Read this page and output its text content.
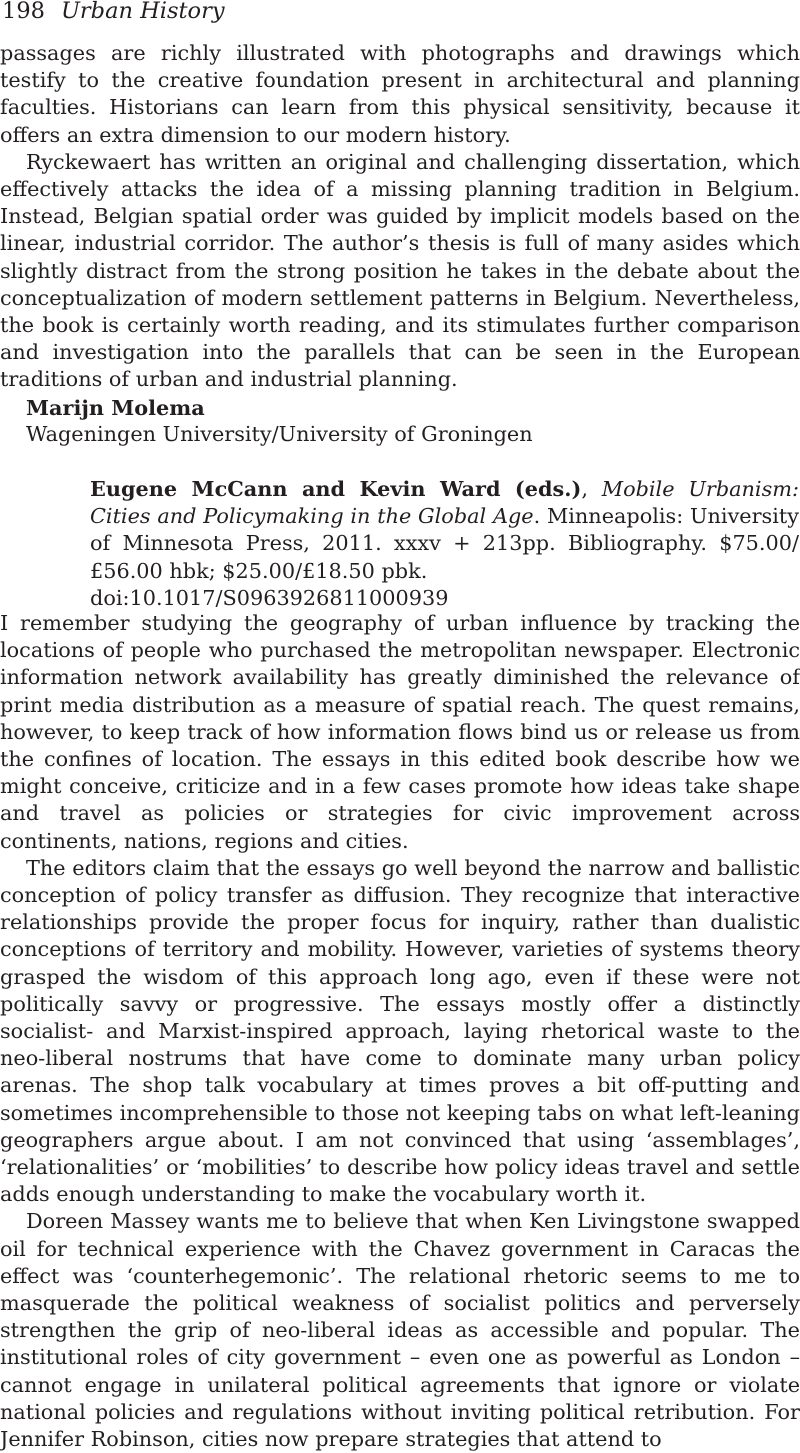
198 Urban History

passages are richly illustrated with photographs and drawings which testify to the creative foundation present in architectural and planning faculties. Historians can learn from this physical sensitivity, because it offers an extra dimension to our modern history.

Ryckewaert has written an original and challenging dissertation, which effectively attacks the idea of a missing planning tradition in Belgium. Instead, Belgian spatial order was guided by implicit models based on the linear, industrial corridor. The author’s thesis is full of many asides which slightly distract from the strong position he takes in the debate about the conceptualization of modern settlement patterns in Belgium. Nevertheless, the book is certainly worth reading, and its stimulates further comparison and investigation into the parallels that can be seen in the European traditions of urban and industrial planning.

Marijn Molema

Wageningen University/University of Groningen

Eugene McCann and Kevin Ward (eds.), Mobile Urbanism: Cities and Policymaking in the Global Age. Minneapolis: University of Minnesota Press, 2011. xxxv + 213pp. Bibliography. $75.00/£56.00 hbk; $25.00/£18.50 pbk.
doi:10.1017/S0963926811000939

I remember studying the geography of urban influence by tracking the locations of people who purchased the metropolitan newspaper. Electronic information network availability has greatly diminished the relevance of print media distribution as a measure of spatial reach. The quest remains, however, to keep track of how information flows bind us or release us from the confines of location. The essays in this edited book describe how we might conceive, criticize and in a few cases promote how ideas take shape and travel as policies or strategies for civic improvement across continents, nations, regions and cities.

The editors claim that the essays go well beyond the narrow and ballistic conception of policy transfer as diffusion. They recognize that interactive relationships provide the proper focus for inquiry, rather than dualistic conceptions of territory and mobility. However, varieties of systems theory grasped the wisdom of this approach long ago, even if these were not politically savvy or progressive. The essays mostly offer a distinctly socialist- and Marxist-inspired approach, laying rhetorical waste to the neo-liberal nostrums that have come to dominate many urban policy arenas. The shop talk vocabulary at times proves a bit off-putting and sometimes incomprehensible to those not keeping tabs on what left-leaning geographers argue about. I am not convinced that using ‘assemblages’, ‘relationalities’ or ‘mobilities’ to describe how policy ideas travel and settle adds enough understanding to make the vocabulary worth it.

Doreen Massey wants me to believe that when Ken Livingstone swapped oil for technical experience with the Chavez government in Caracas the effect was ‘counterhegemonic’. The relational rhetoric seems to me to masquerade the political weakness of socialist politics and perversely strengthen the grip of neo-liberal ideas as accessible and popular. The institutional roles of city government – even one as powerful as London – cannot engage in unilateral political agreements that ignore or violate national policies and regulations without inviting political retribution. For Jennifer Robinson, cities now prepare strategies that attend to
